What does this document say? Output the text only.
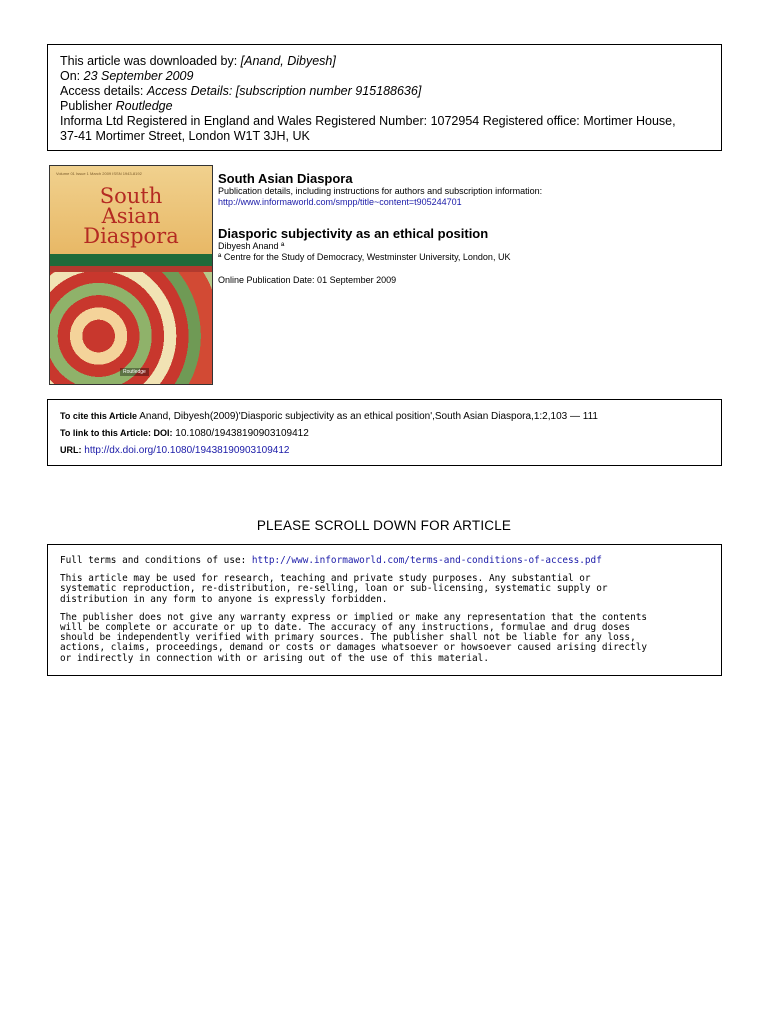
This article was downloaded by: [Anand, Dibyesh]
On: 23 September 2009
Access details: Access Details: [subscription number 915188636]
Publisher Routledge
Informa Ltd Registered in England and Wales Registered Number: 1072954 Registered office: Mortimer House,
37-41 Mortimer Street, London W1T 3JH, UK
Volume 01 Issue 1 March 2009 ISSN 1943-8192
South
Asian
Diaspora
Routledge
South Asian Diaspora
Publication details, including instructions for authors and subscription information:
http://www.informaworld.com/smpp/title~content=t905244701
Diasporic subjectivity as an ethical position
Dibyesh Anand ª
ª Centre for the Study of Democracy, Westminster University, London, UK
Online Publication Date: 01 September 2009
To cite this Article Anand, Dibyesh(2009)'Diasporic subjectivity as an ethical position',South Asian Diaspora,1:2,103 — 111
To link to this Article: DOI: 10.1080/19438190903109412
URL: http://dx.doi.org/10.1080/19438190903109412
PLEASE SCROLL DOWN FOR ARTICLE

Full terms and conditions of use: http://www.informaworld.com/terms-and-conditions-of-access.pdf

This article may be used for research, teaching and private study purposes. Any substantial or
systematic reproduction, re-distribution, re-selling, loan or sub-licensing, systematic supply or
distribution in any form to anyone is expressly forbidden.

The publisher does not give any warranty express or implied or make any representation that the contents
will be complete or accurate or up to date. The accuracy of any instructions, formulae and drug doses
should be independently verified with primary sources. The publisher shall not be liable for any loss,
actions, claims, proceedings, demand or costs or damages whatsoever or howsoever caused arising directly
or indirectly in connection with or arising out of the use of this material.
